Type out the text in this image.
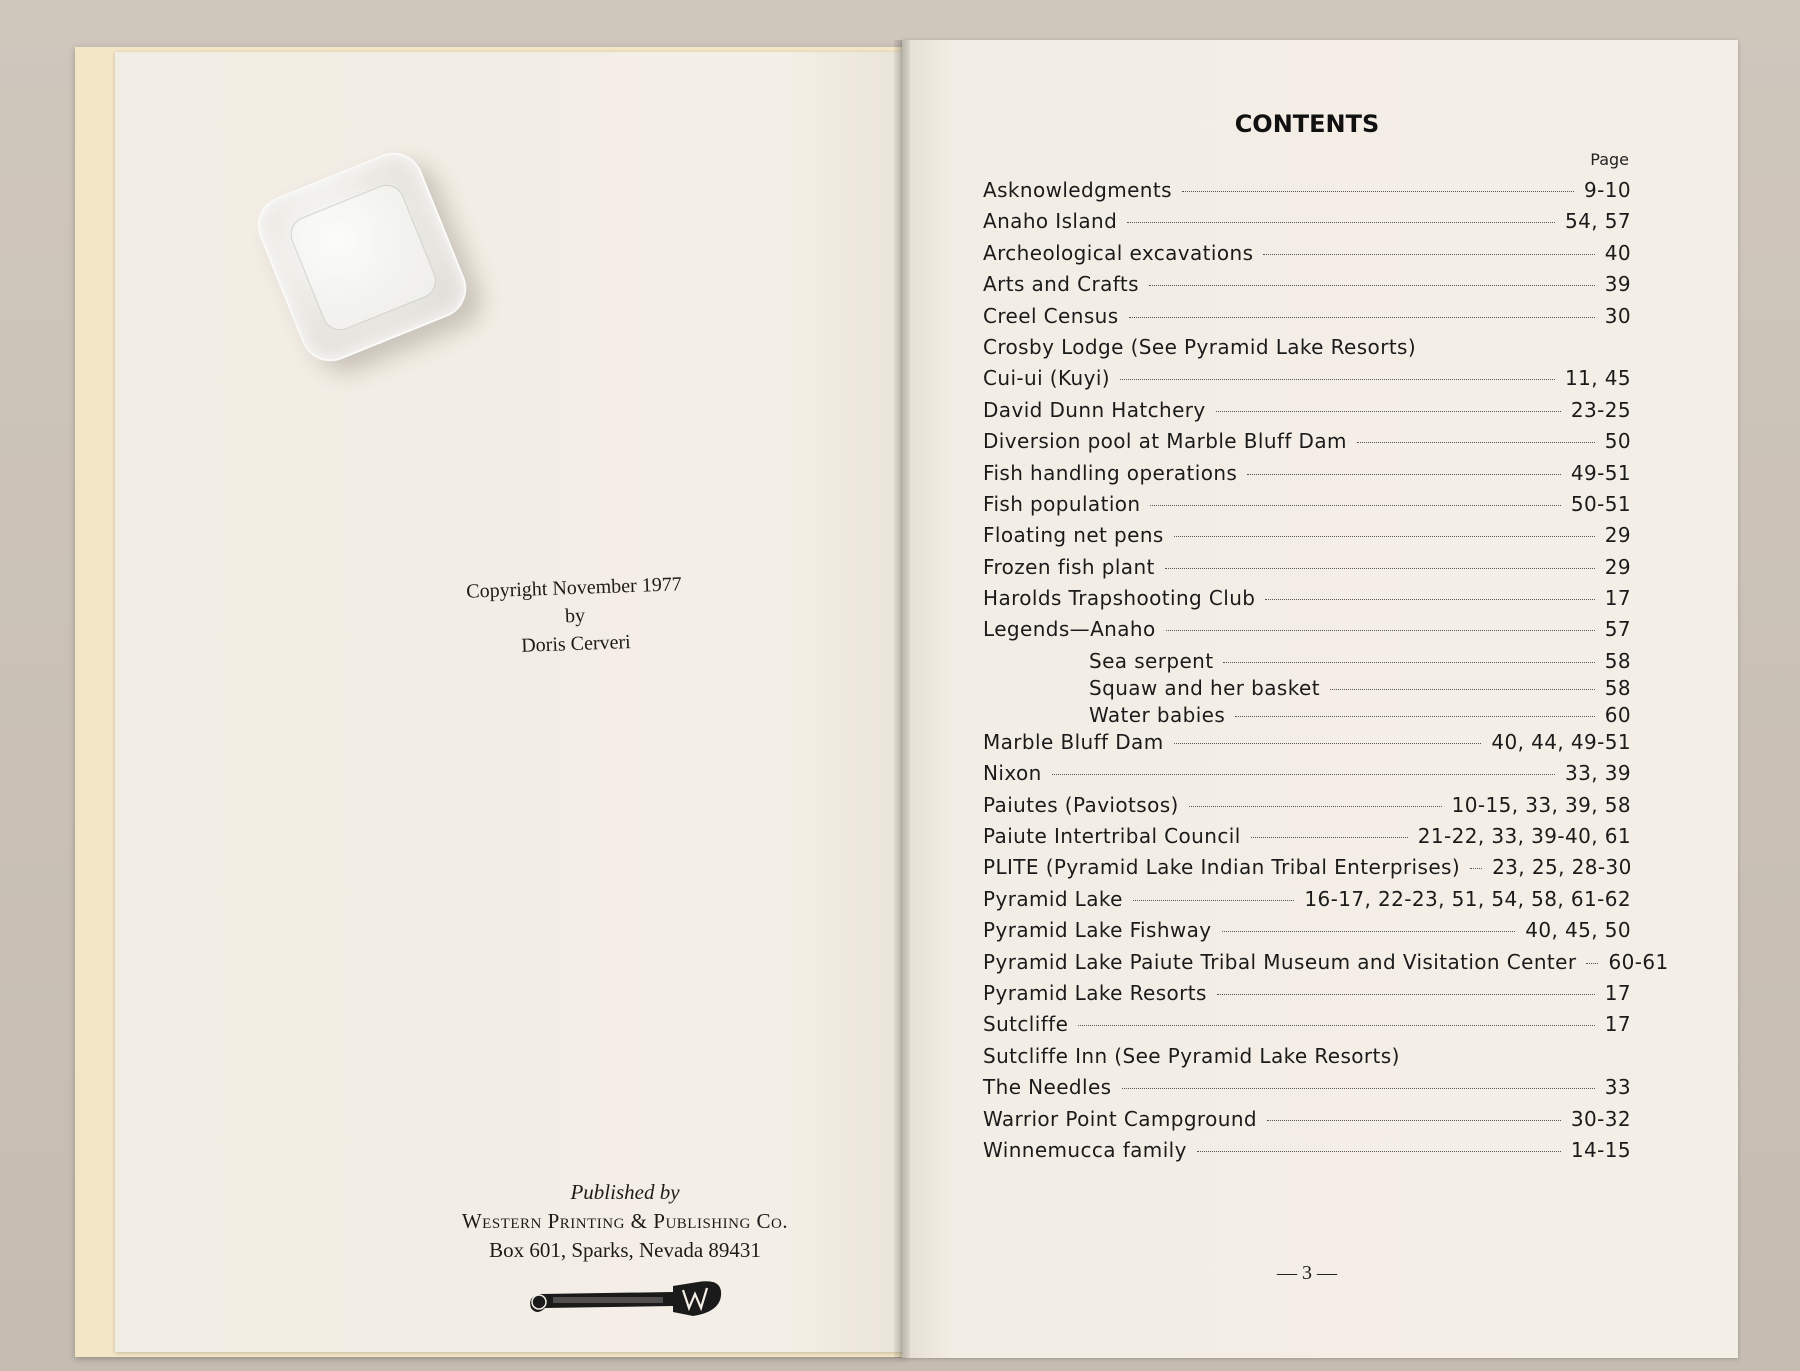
Copyright November 1977
by
Doris Cerveri
Published by
Western Printing & Publishing Co.
Box 601, Sparks, Nevada 89431
CONTENTS
Page
Asknowledgments	9-10
Anaho Island	54, 57
Archeological excavations	40
Arts and Crafts	39
Creel Census	30
Crosby Lodge (See Pyramid Lake Resorts)
Cui-ui (Kuyi)	11, 45
David Dunn Hatchery	23-25
Diversion pool at Marble Bluff Dam	50
Fish handling operations	49-51
Fish population	50-51
Floating net pens	29
Frozen fish plant	29
Harolds Trapshooting Club	17
Legends—Anaho	57
Sea serpent	58
Squaw and her basket	58
Water babies	60
Marble Bluff Dam	40, 44, 49-51
Nixon	33, 39
Paiutes (Paviotsos)	10-15, 33, 39, 58
Paiute Intertribal Council	21-22, 33, 39-40, 61
PLITE (Pyramid Lake Indian Tribal Enterprises) 23, 25, 28-30
Pyramid Lake	16-17, 22-23, 51, 54, 58, 61-62
Pyramid Lake Fishway	40, 45, 50
Pyramid Lake Paiute Tribal Museum and Visitation Center 60-61
Pyramid Lake Resorts	17
Sutcliffe	17
Sutcliffe Inn (See Pyramid Lake Resorts)
The Needles	33
Warrior Point Campground	30-32
Winnemucca family	14-15
— 3 —
